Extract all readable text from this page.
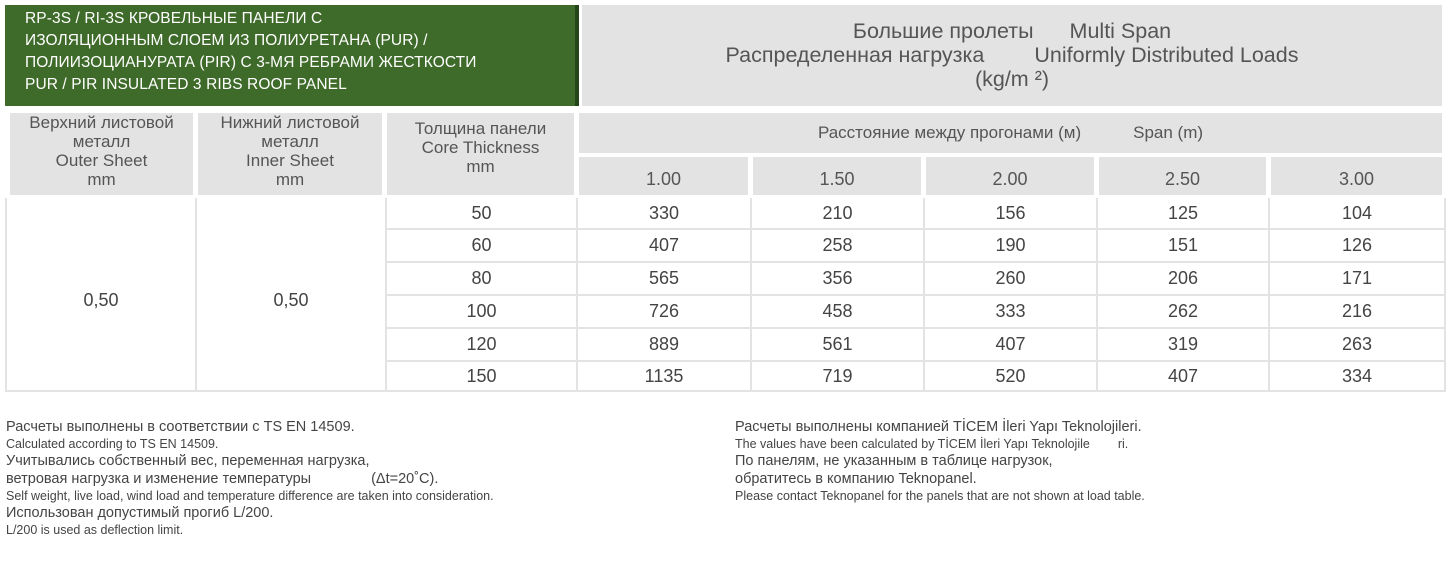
RP-3S / RI-3S КРОВЕЛЬНЫЕ ПАНЕЛИ С
ИЗОЛЯЦИОННЫМ СЛОЕМ ИЗ ПОЛИУРЕТАНА (PUR) /
ПОЛИИЗОЦИАНУРАТА (PIR) С 3-МЯ РЕБРАМИ ЖЕСТКОСТИ
PUR / PIR INSULATED 3 RIBS ROOF PANEL
Большие пролеты Multi Span
Распределенная нагрузка Uniformly Distributed Loads
(kg/m ²)
Верхний листовой металл
Outer Sheet
mm
Нижний листовой металл
Inner Sheet
mm
Толщина панели
Core Thickness
mm
Расстояние между прогонами (м)	Span (m)
1.00	1.50	2.00	2.50	3.00
0,50	0,50
50	330	210	156	125	104
60	407	258	190	151	126
80	565	356	260	206	171
100	726	458	333	262	216
120	889	561	407	319	263
150	1135	719	520	407	334
Расчеты выполнены в соответствии с TS EN 14509.
Calculated according to TS EN 14509.
Учитывались собственный вес, переменная нагрузка,
ветровая нагрузка и изменение температуры	(Δt=20˚C).
Self weight, live load, wind load and temperature difference are taken into consideration.
Использован допустимый прогиб L/200.
L/200 is used as deflection limit.
Расчеты выполнены компанией TİCEM İleri Yapı Teknolojileri.
The values have been calculated by TİCEM İleri Yapı Teknolojile ri.
По панелям, не указанным в таблице нагрузок,
обратитесь в компанию Teknopanel.
Please contact Teknopanel for the panels that are not shown at load table.
